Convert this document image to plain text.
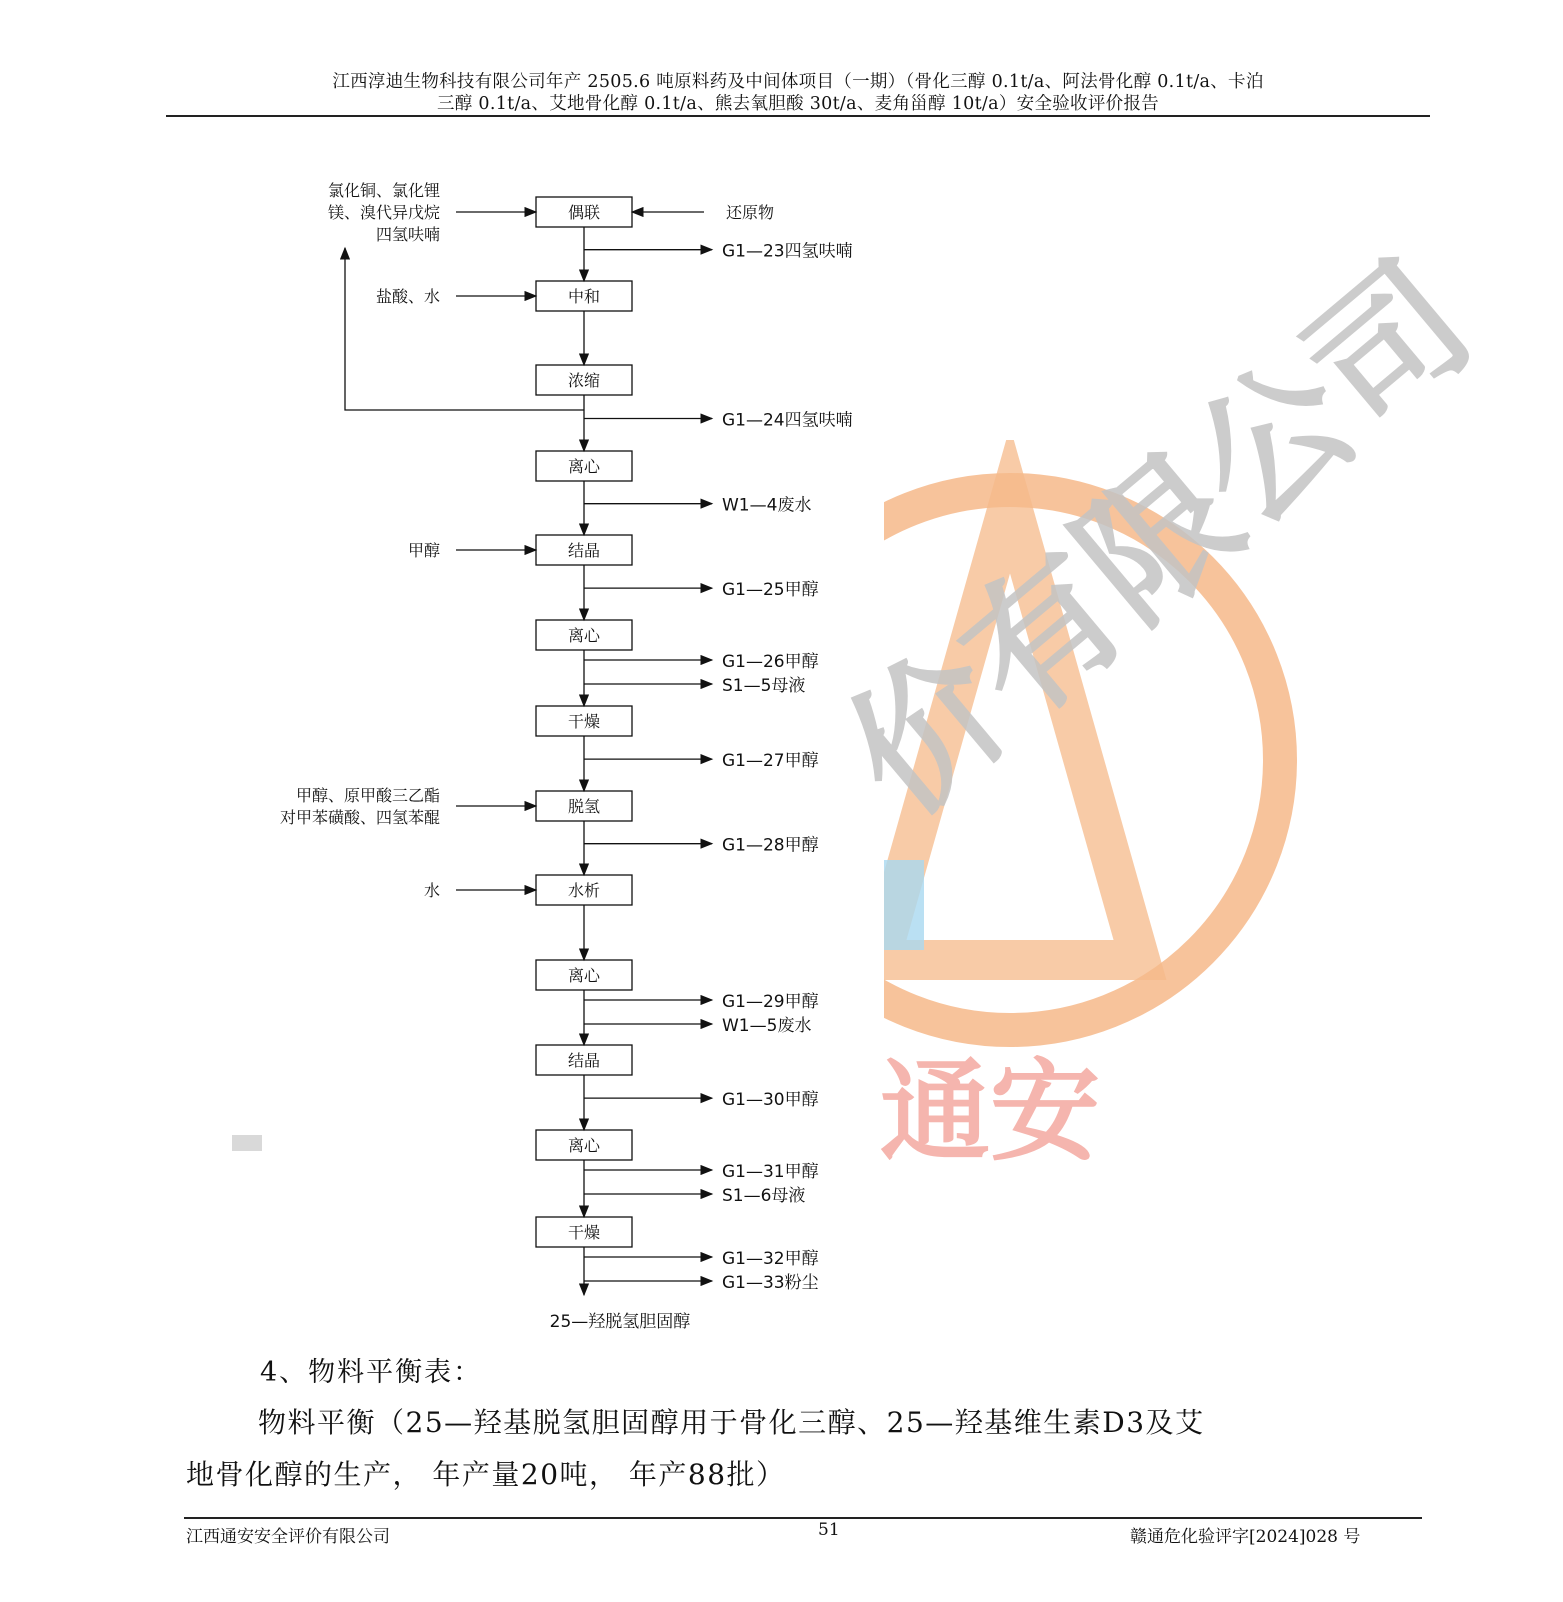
江西淳迪生物科技有限公司年产 2505.6 吨原料药及中间体项目（一期）（骨化三醇 0.1t/a、阿法骨化醇 0.1t/a、卡泊
三醇 0.1t/a、艾地骨化醇 0.1t/a、熊去氧胆酸 30t/a、麦角甾醇 10t/a）安全验收评价报告
价有限公司
通安
偶联
中和
浓缩
离心
结晶
离心
干燥
脱氢
水析
离心
结晶
离心
干燥
25—羟脱氢胆固醇
G1—23四氢呋喃
G1—24四氢呋喃
W1—4废水
G1—25甲醇
G1—26甲醇
S1—5母液
G1—27甲醇
G1—28甲醇
G1—29甲醇
W1—5废水
G1—30甲醇
G1—31甲醇
S1—6母液
G1—32甲醇
G1—33粉尘
氯化铜、氯化锂
镁、溴代异戊烷
四氢呋喃
还原物
盐酸、水
甲醇
甲醇、原甲酸三乙酯
对甲苯磺酸、四氢苯醌
水
4、物料平衡表：
物料平衡（25—羟基脱氢胆固醇用于骨化三醇、25—羟基维生素D3及艾
地骨化醇的生产， 年产量20吨， 年产88批）
江西通安安全评价有限公司	51	赣通危化验评字[2024]028 号
